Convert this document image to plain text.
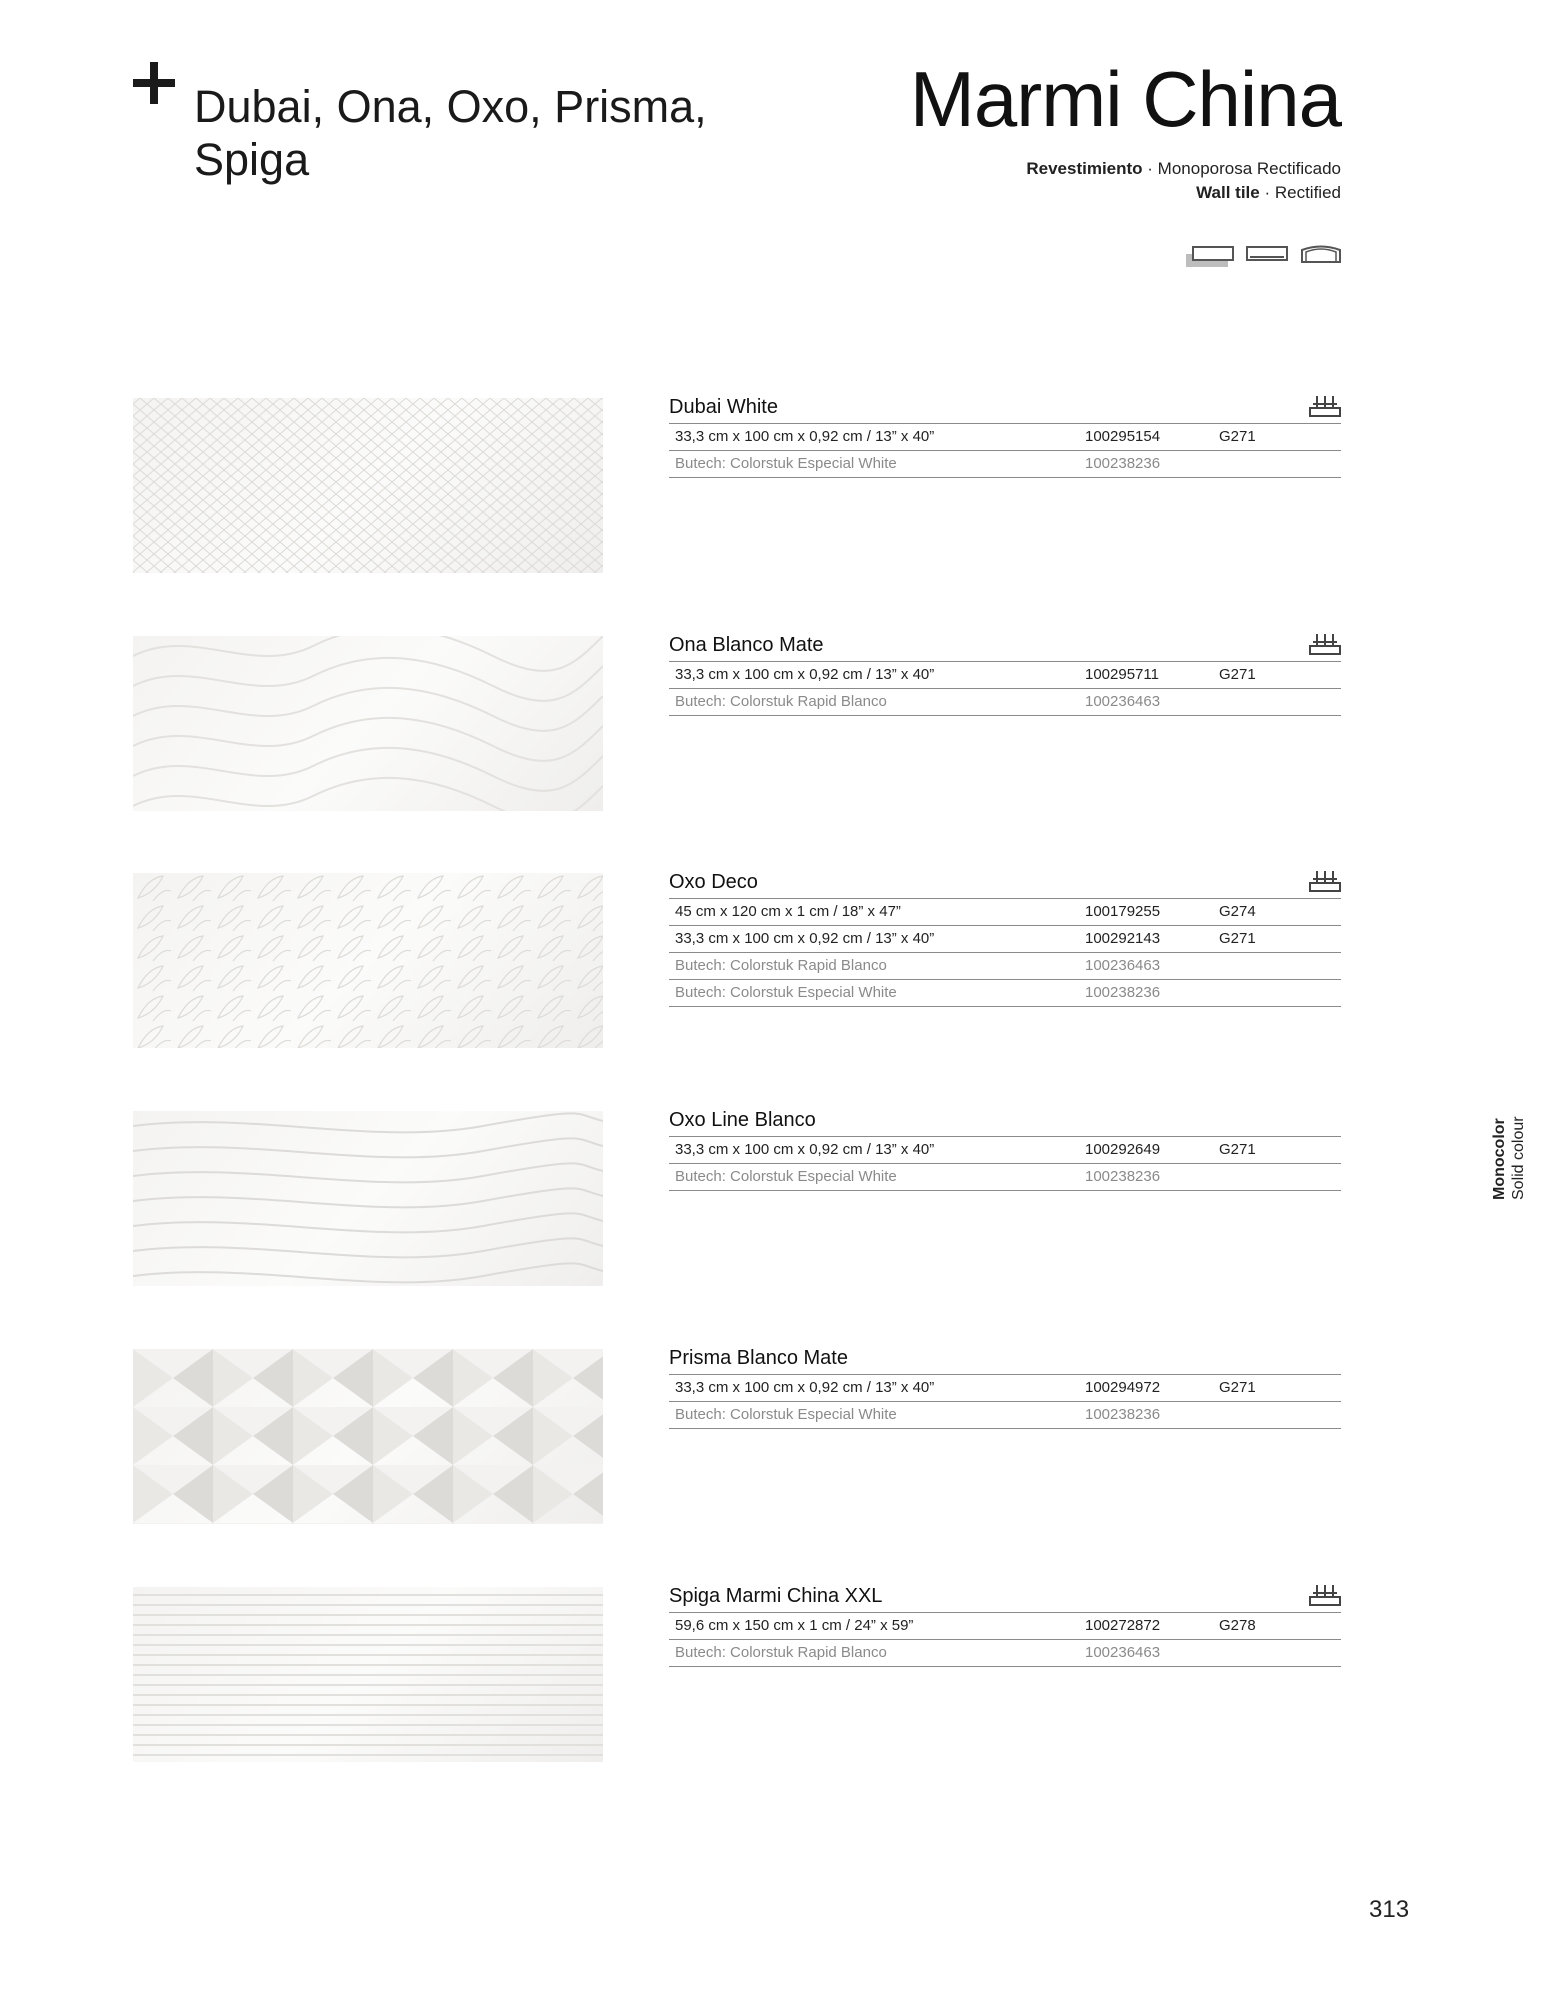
Dubai, Ona, Oxo, Prisma, Spiga
Marmi China
Revestimiento · Monoporosa Rectificado
Wall tile · Rectified
Dubai White
33,3 cm x 100 cm x 0,92 cm / 13” x 40”	100295154	G271
Butech: Colorstuk Especial White	100238236
Ona Blanco Mate
33,3 cm x 100 cm x 0,92 cm / 13” x 40”	100295711	G271
Butech: Colorstuk Rapid Blanco	100236463
Oxo Deco
45 cm x 120 cm x 1 cm / 18” x 47”	100179255	G274
33,3 cm x 100 cm x 0,92 cm / 13” x 40”	100292143	G271
Butech: Colorstuk Rapid Blanco	100236463
Butech: Colorstuk Especial White	100238236
Oxo Line Blanco
33,3 cm x 100 cm x 0,92 cm / 13” x 40”	100292649	G271
Butech: Colorstuk Especial White	100238236
Prisma Blanco Mate
33,3 cm x 100 cm x 0,92 cm / 13” x 40”	100294972	G271
Butech: Colorstuk Especial White	100238236
Spiga Marmi China XXL
59,6 cm x 150 cm x 1 cm / 24” x 59”	100272872	G278
Butech: Colorstuk Rapid Blanco	100236463
Monocolor Solid colour
313
